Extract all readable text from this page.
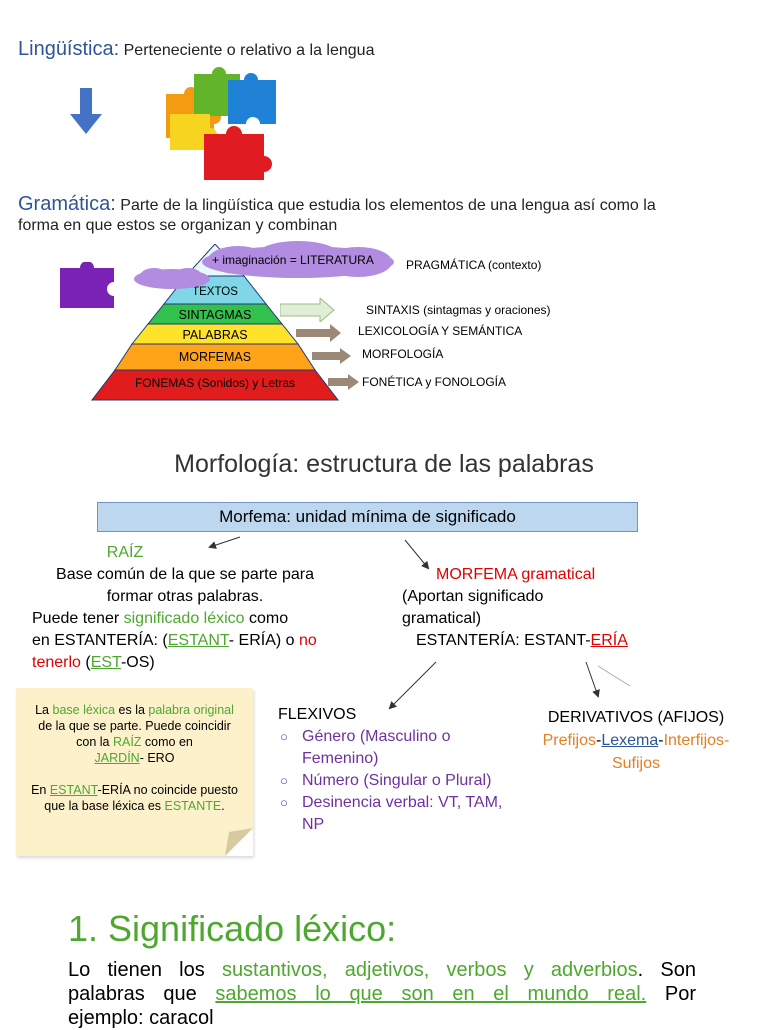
Lingüística: Perteneciente o relativo a la lengua
Gramática: Parte de la lingüística que estudia los elementos de una lengua así como la
forma en que estos se organizan y combinan
TEXTOS
SINTAGMAS
PALABRAS
MORFEMAS
FONEMAS (Sonidos) y Letras
+ imaginación = LITERATURA	PRAGMÁTICA (contexto)
SINTAXIS (sintagmas y oraciones)
LEXICOLOGÍA Y SEMÁNTICA
MORFOLOGÍA
FONÉTICA y FONOLOGÍA
Morfología: estructura de las palabras
Morfema: unidad mínima de significado
RAÍZ
Base común de la que se parte para
formar otras palabras.
Puede tener significado léxico como
en ESTANTERÍA: (ESTANT- ERÍA) o no
tenerlo (EST-OS)
MORFEMA gramatical
(Aportan significado
gramatical)
ESTANTERÍA: ESTANT-ERÍA
La base léxica es la palabra original
de la que se parte. Puede coincidir
con la RAÍZ como en
JARDÍN- ERO
En ESTANT-ERÍA no coincide puesto
que la base léxica es ESTANTE.
FLEXIVOS
○ Género (Masculino o Femenino)
○ Número (Singular o Plural)
○ Desinencia verbal: VT, TAM, NP
DERIVATIVOS (AFIJOS)
Prefijos-Lexema-Interfijos-
Sufijos
1. Significado léxico:
Lo tienen los sustantivos, adjetivos, verbos y adverbios. Son
palabras que sabemos lo que son en el mundo real. Por
ejemplo: caracol
